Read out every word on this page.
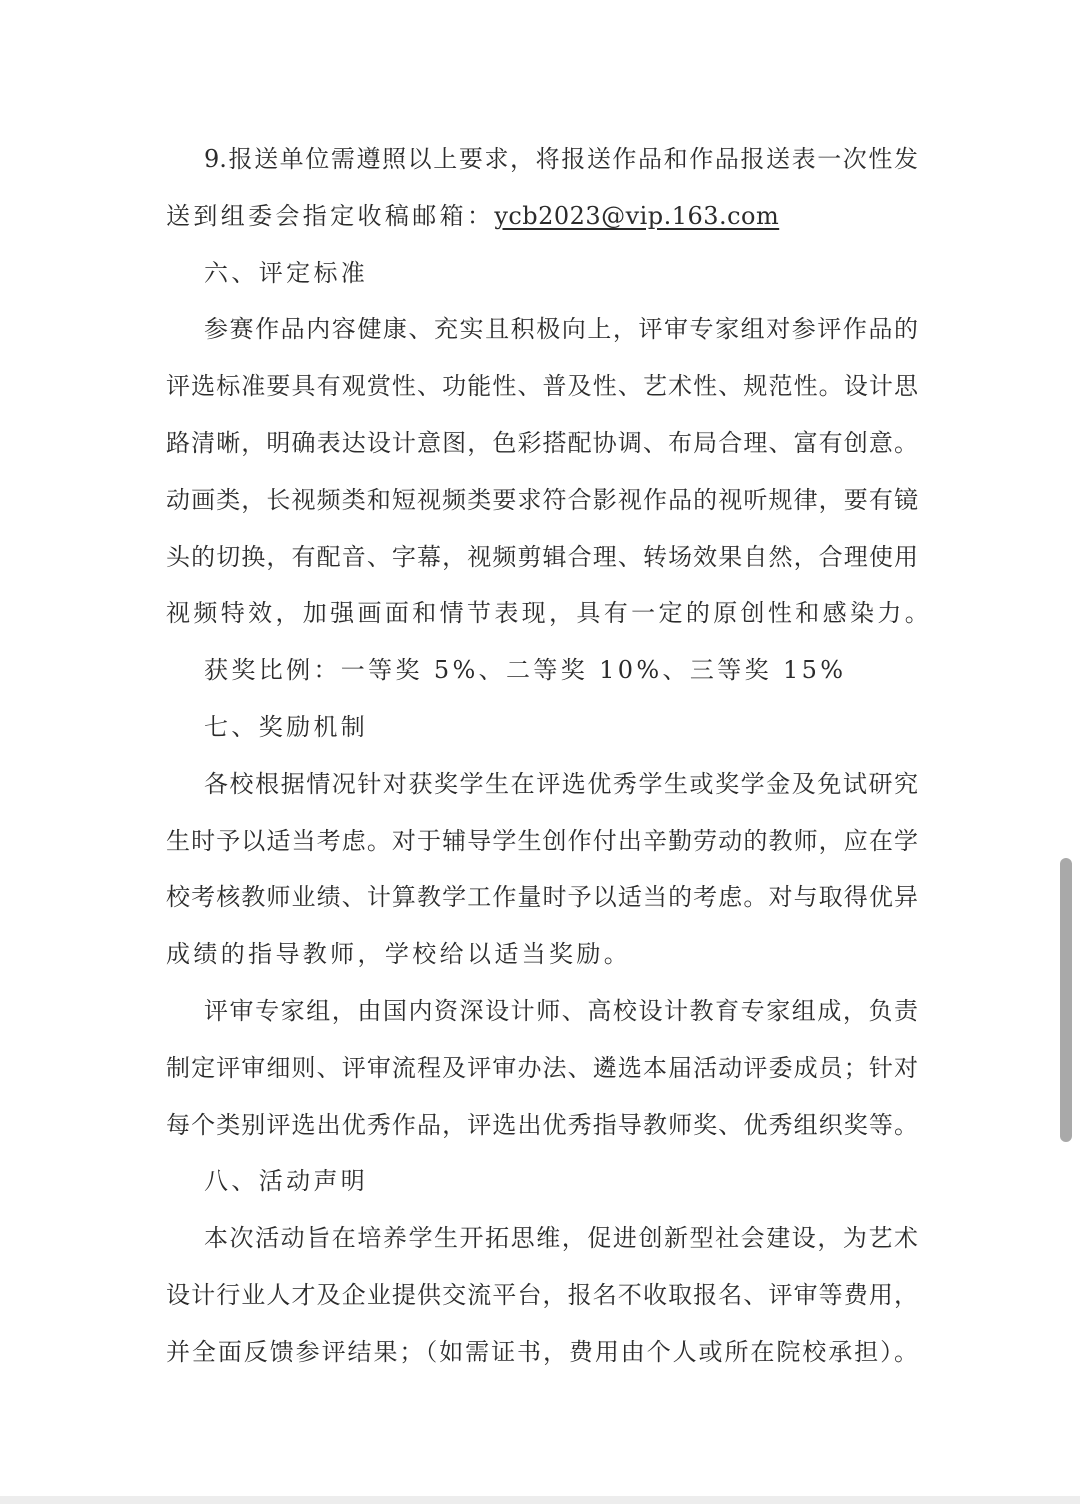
9.报送单位需遵照以上要求，将报送作品和作品报送表一次性发
送到组委会指定收稿邮箱：ycb2023@vip.163.com
六、评定标准
参赛作品内容健康、充实且积极向上，评审专家组对参评作品的
评选标准要具有观赏性、功能性、普及性、艺术性、规范性。设计思
路清晰，明确表达设计意图，色彩搭配协调、布局合理、富有创意。
动画类，长视频类和短视频类要求符合影视作品的视听规律，要有镜
头的切换，有配音、字幕，视频剪辑合理、转场效果自然，合理使用
视频特效，加强画面和情节表现，具有一定的原创性和感染力。
获奖比例：一等奖 5%、二等奖 10%、三等奖 15%
七、奖励机制
各校根据情况针对获奖学生在评选优秀学生或奖学金及免试研究
生时予以适当考虑。对于辅导学生创作付出辛勤劳动的教师，应在学
校考核教师业绩、计算教学工作量时予以适当的考虑。对与取得优异
成绩的指导教师，学校给以适当奖励。
评审专家组，由国内资深设计师、高校设计教育专家组成，负责
制定评审细则、评审流程及评审办法、遴选本届活动评委成员；针对
每个类别评选出优秀作品，评选出优秀指导教师奖、优秀组织奖等。
八、活动声明
本次活动旨在培养学生开拓思维，促进创新型社会建设，为艺术
设计行业人才及企业提供交流平台，报名不收取报名、评审等费用，
并全面反馈参评结果；（如需证书，费用由个人或所在院校承担）。
